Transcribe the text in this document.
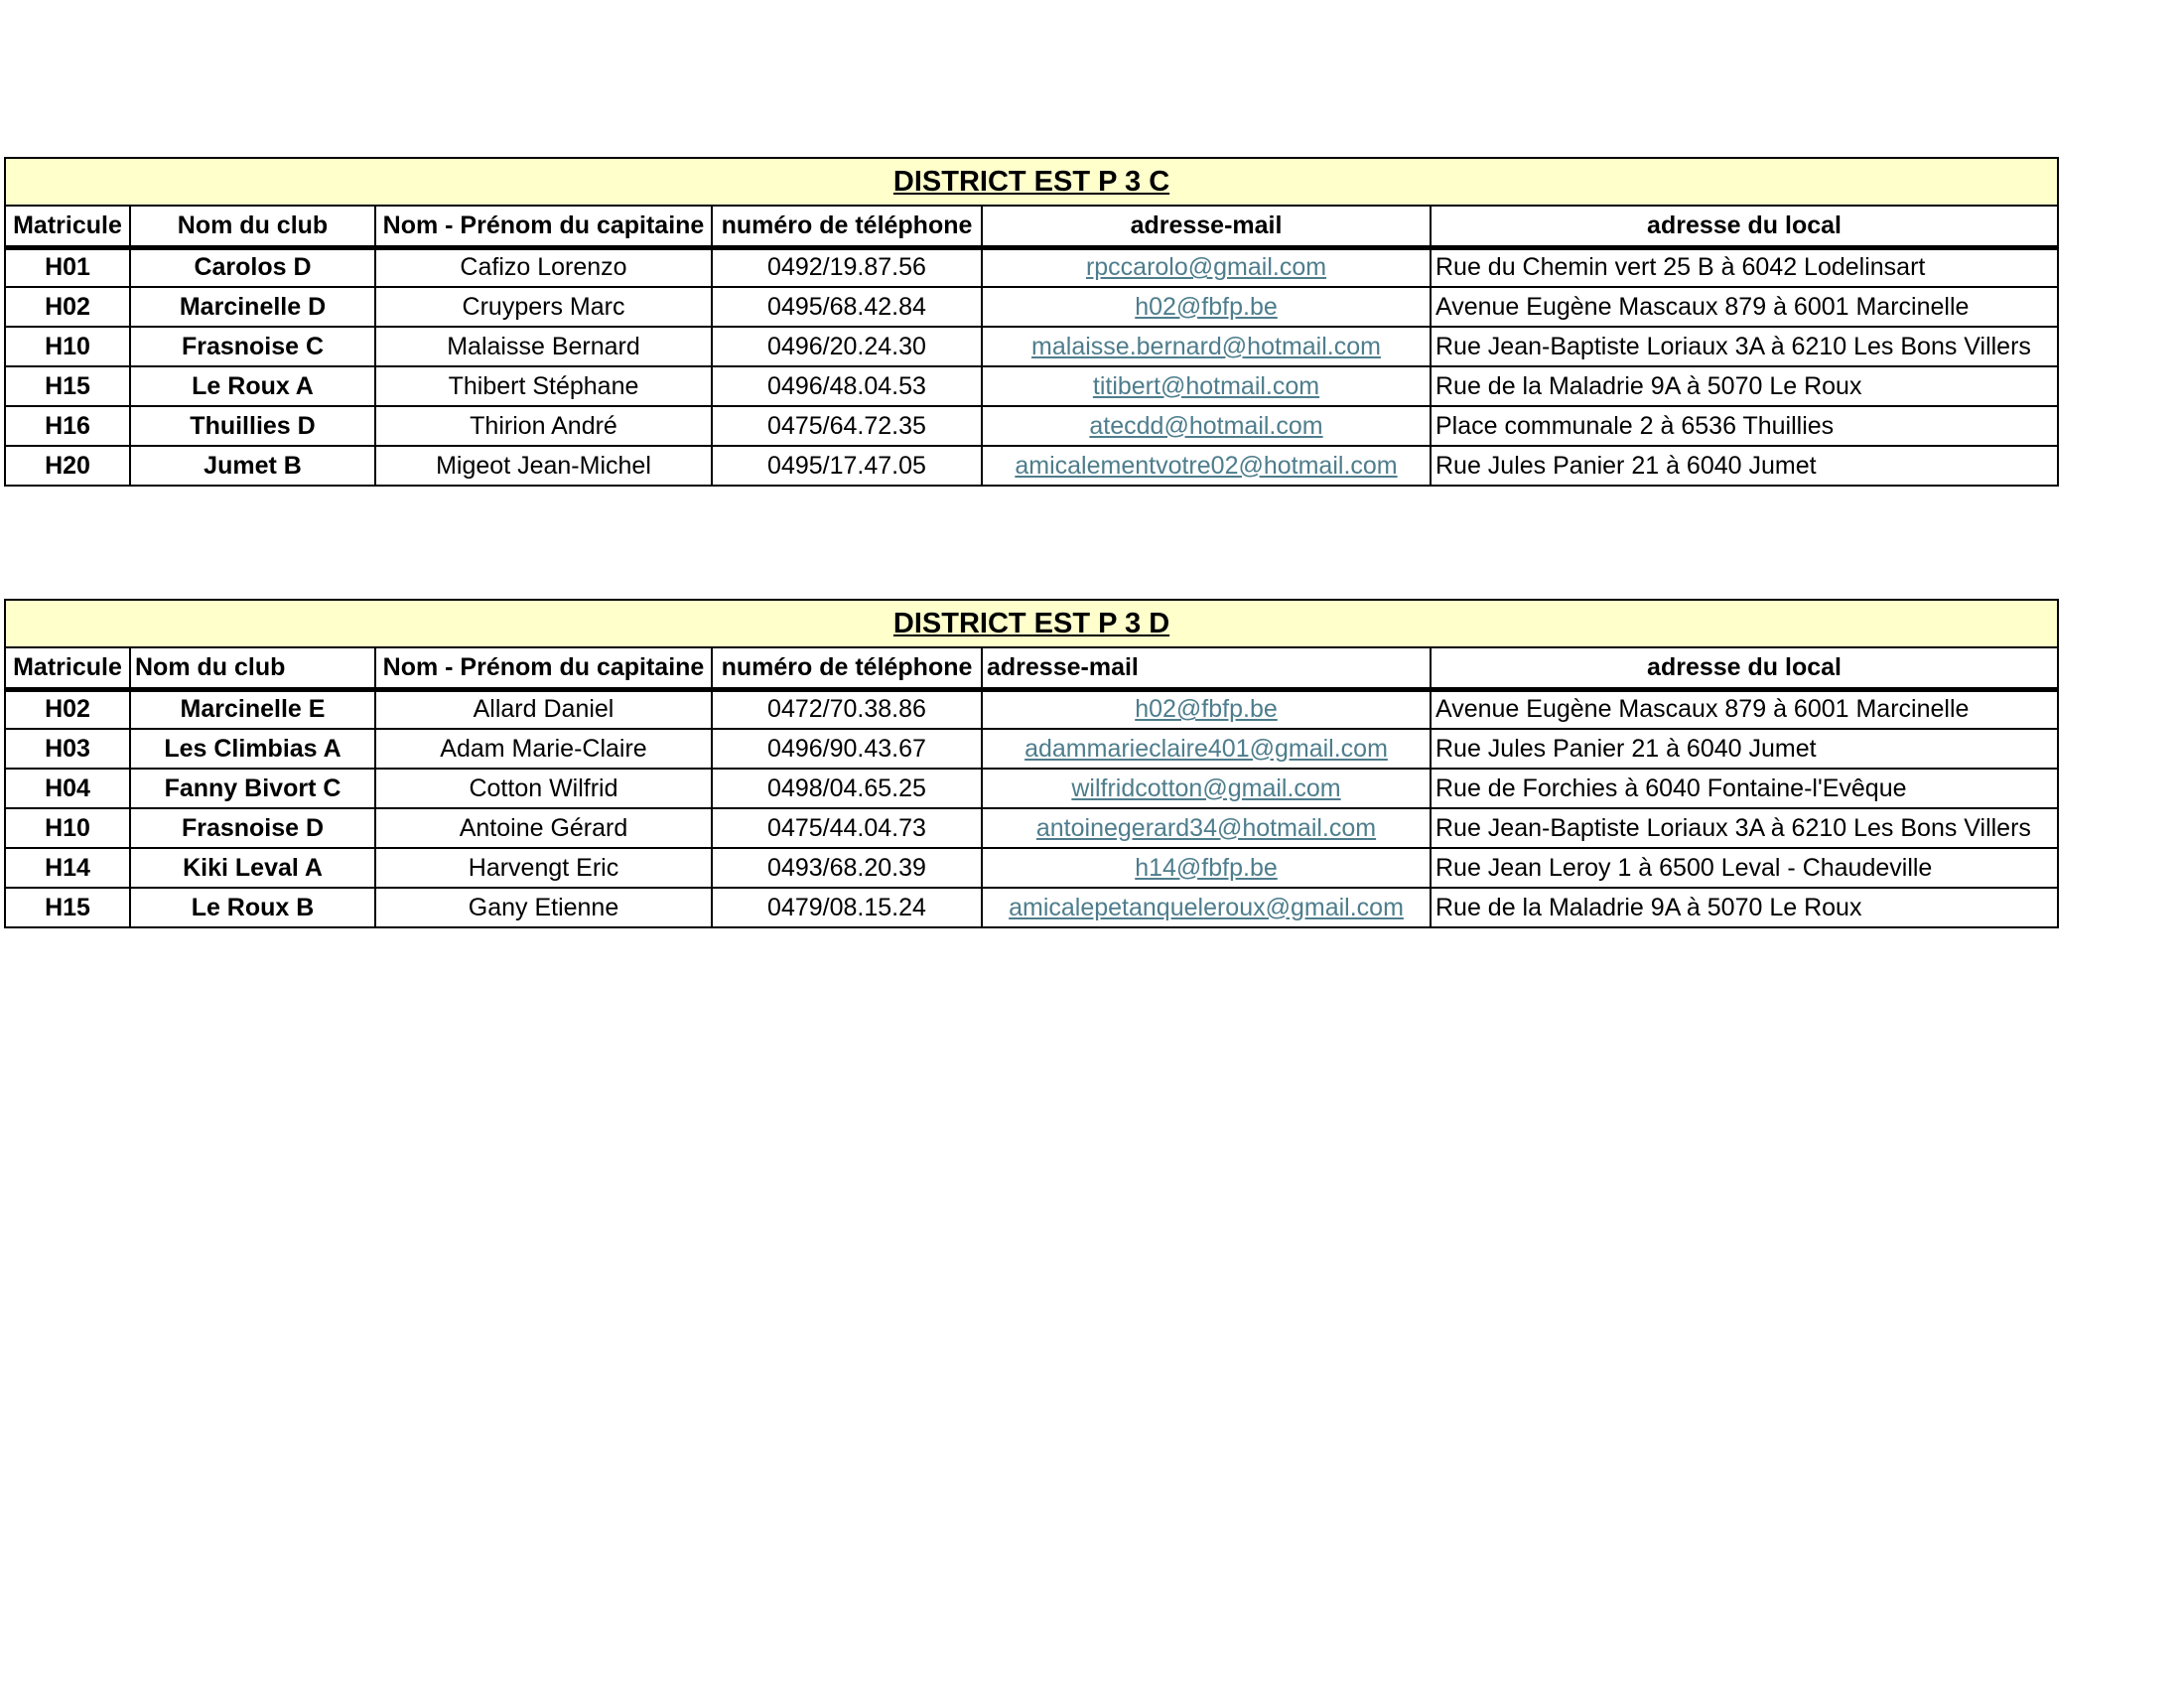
DISTRICT EST P 3 C					
Matricule	Nom du club	Nom - Prénom du capitaine	numéro de téléphone	adresse-mail	adresse du local
H01	Carolos D	Cafizo Lorenzo	0492/19.87.56	rpccarolo@gmail.com	Rue du Chemin vert 25 B à 6042 Lodelinsart
H02	Marcinelle D	Cruypers Marc	0495/68.42.84	h02@fbfp.be	Avenue Eugène Mascaux 879 à 6001 Marcinelle
H10	Frasnoise C	Malaisse Bernard	0496/20.24.30	malaisse.bernard@hotmail.com	Rue Jean-Baptiste Loriaux 3A à 6210 Les Bons Villers
H15	Le Roux A	Thibert Stéphane	0496/48.04.53	titibert@hotmail.com	Rue de la Maladrie 9A à 5070 Le Roux
H16	Thuillies D	Thirion André	0475/64.72.35	atecdd@hotmail.com	Place communale 2 à 6536 Thuillies
H20	Jumet B	Migeot Jean-Michel	0495/17.47.05	amicalementvotre02@hotmail.com	Rue Jules Panier 21 à 6040 Jumet
DISTRICT EST P 3 D					
Matricule	Nom du club	Nom - Prénom du capitaine	numéro de téléphone	adresse-mail	adresse du local
H02	Marcinelle E	Allard Daniel	0472/70.38.86	h02@fbfp.be	Avenue Eugène Mascaux 879 à 6001 Marcinelle
H03	Les Climbias A	Adam Marie-Claire	0496/90.43.67	adammarieclaire401@gmail.com	Rue Jules Panier 21 à 6040 Jumet
H04	Fanny Bivort C	Cotton Wilfrid	0498/04.65.25	wilfridcotton@gmail.com	Rue de Forchies à 6040 Fontaine-l'Evêque
H10	Frasnoise D	Antoine Gérard	0475/44.04.73	antoinegerard34@hotmail.com	Rue Jean-Baptiste Loriaux 3A à 6210 Les Bons Villers
H14	Kiki Leval A	Harvengt Eric	0493/68.20.39	h14@fbfp.be	Rue Jean Leroy 1 à 6500 Leval - Chaudeville
H15	Le Roux B	Gany Etienne	0479/08.15.24	amicalepetanqueleroux@gmail.com	Rue de la Maladrie 9A à 5070 Le Roux
